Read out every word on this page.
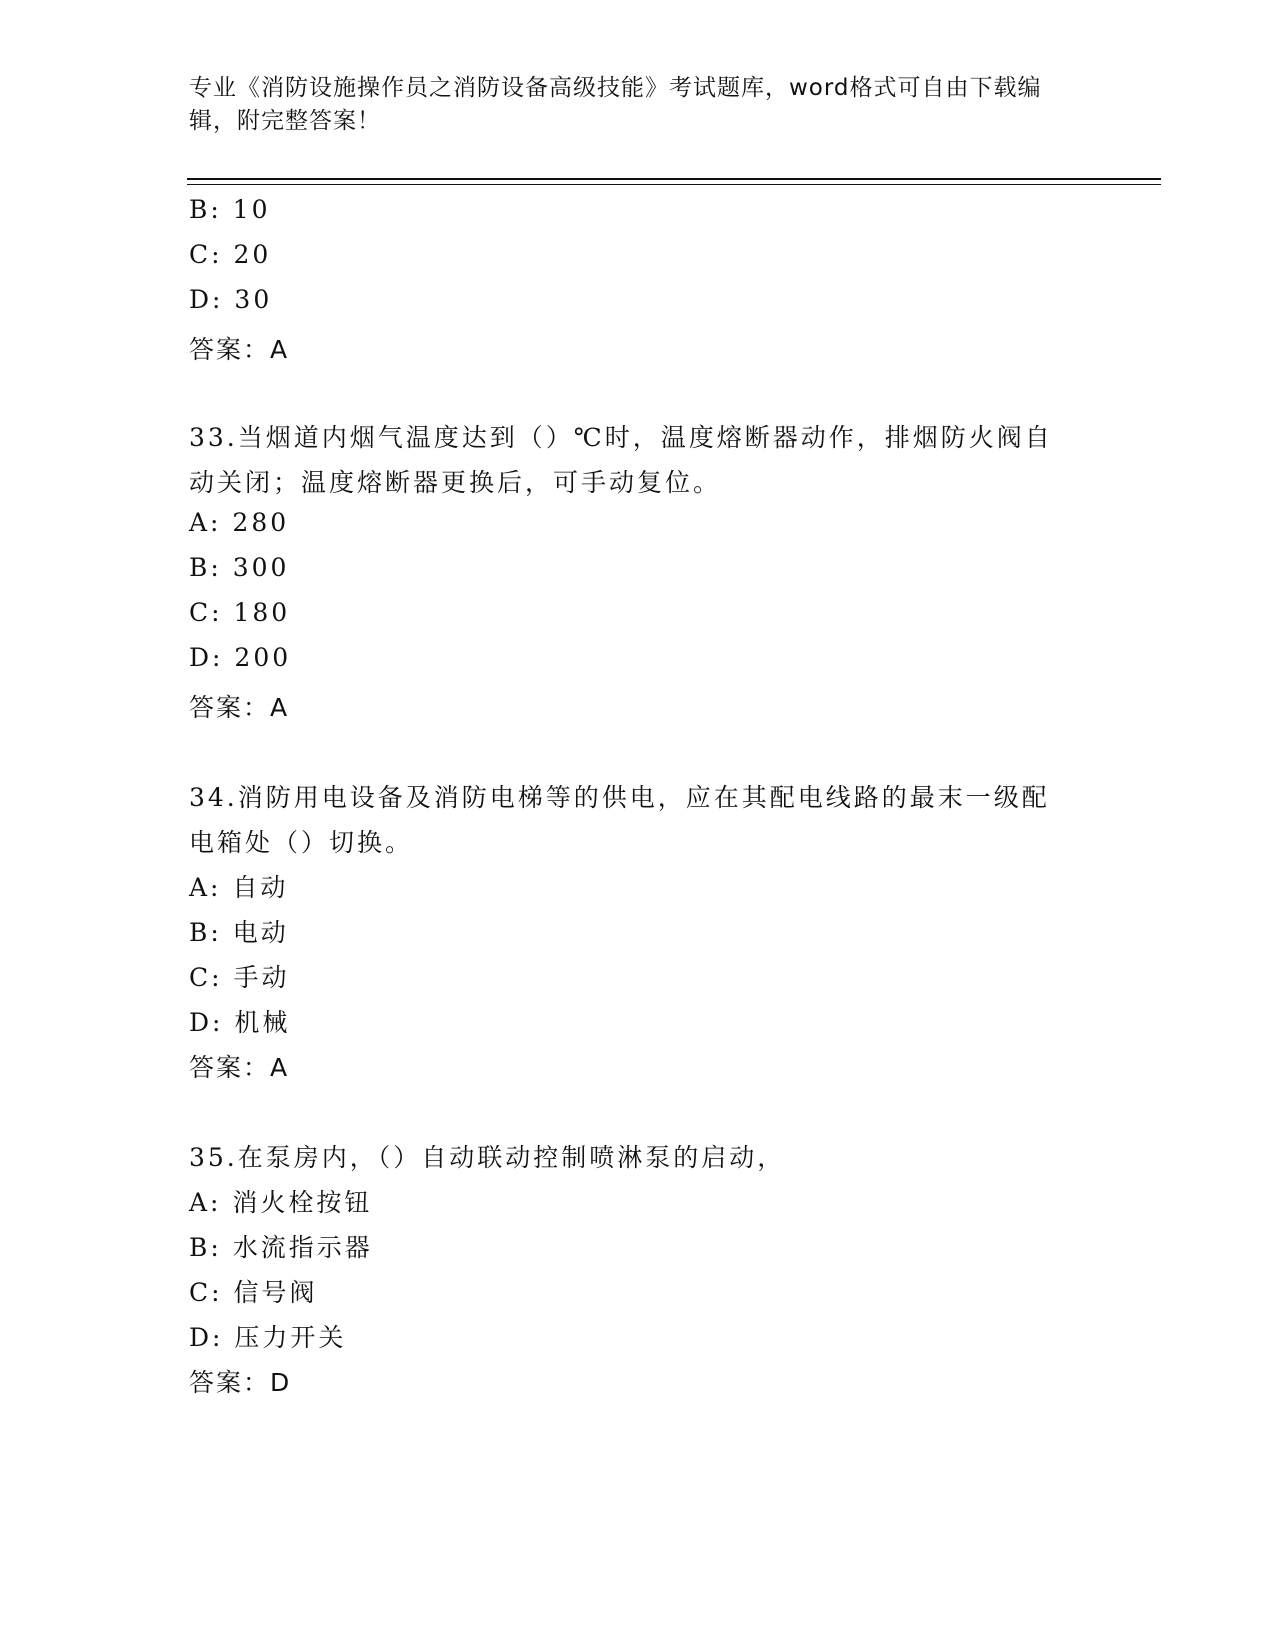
专业《消防设施操作员之消防设备高级技能》考试题库，word格式可自由下载编
辑，附完整答案！
B: 10
C: 20
D: 30
答案：A
33.当烟道内烟气温度达到（）℃时，温度熔断器动作，排烟防火阀自
动关闭；温度熔断器更换后，可手动复位。
A: 280
B: 300
C: 180
D: 200
答案：A
34.消防用电设备及消防电梯等的供电，应在其配电线路的最末一级配
电箱处（）切换。
A: 自动
B: 电动
C: 手动
D: 机械
答案：A
35.在泵房内，（）自动联动控制喷淋泵的启动，
A: 消火栓按钮
B: 水流指示器
C: 信号阀
D: 压力开关
答案：D
